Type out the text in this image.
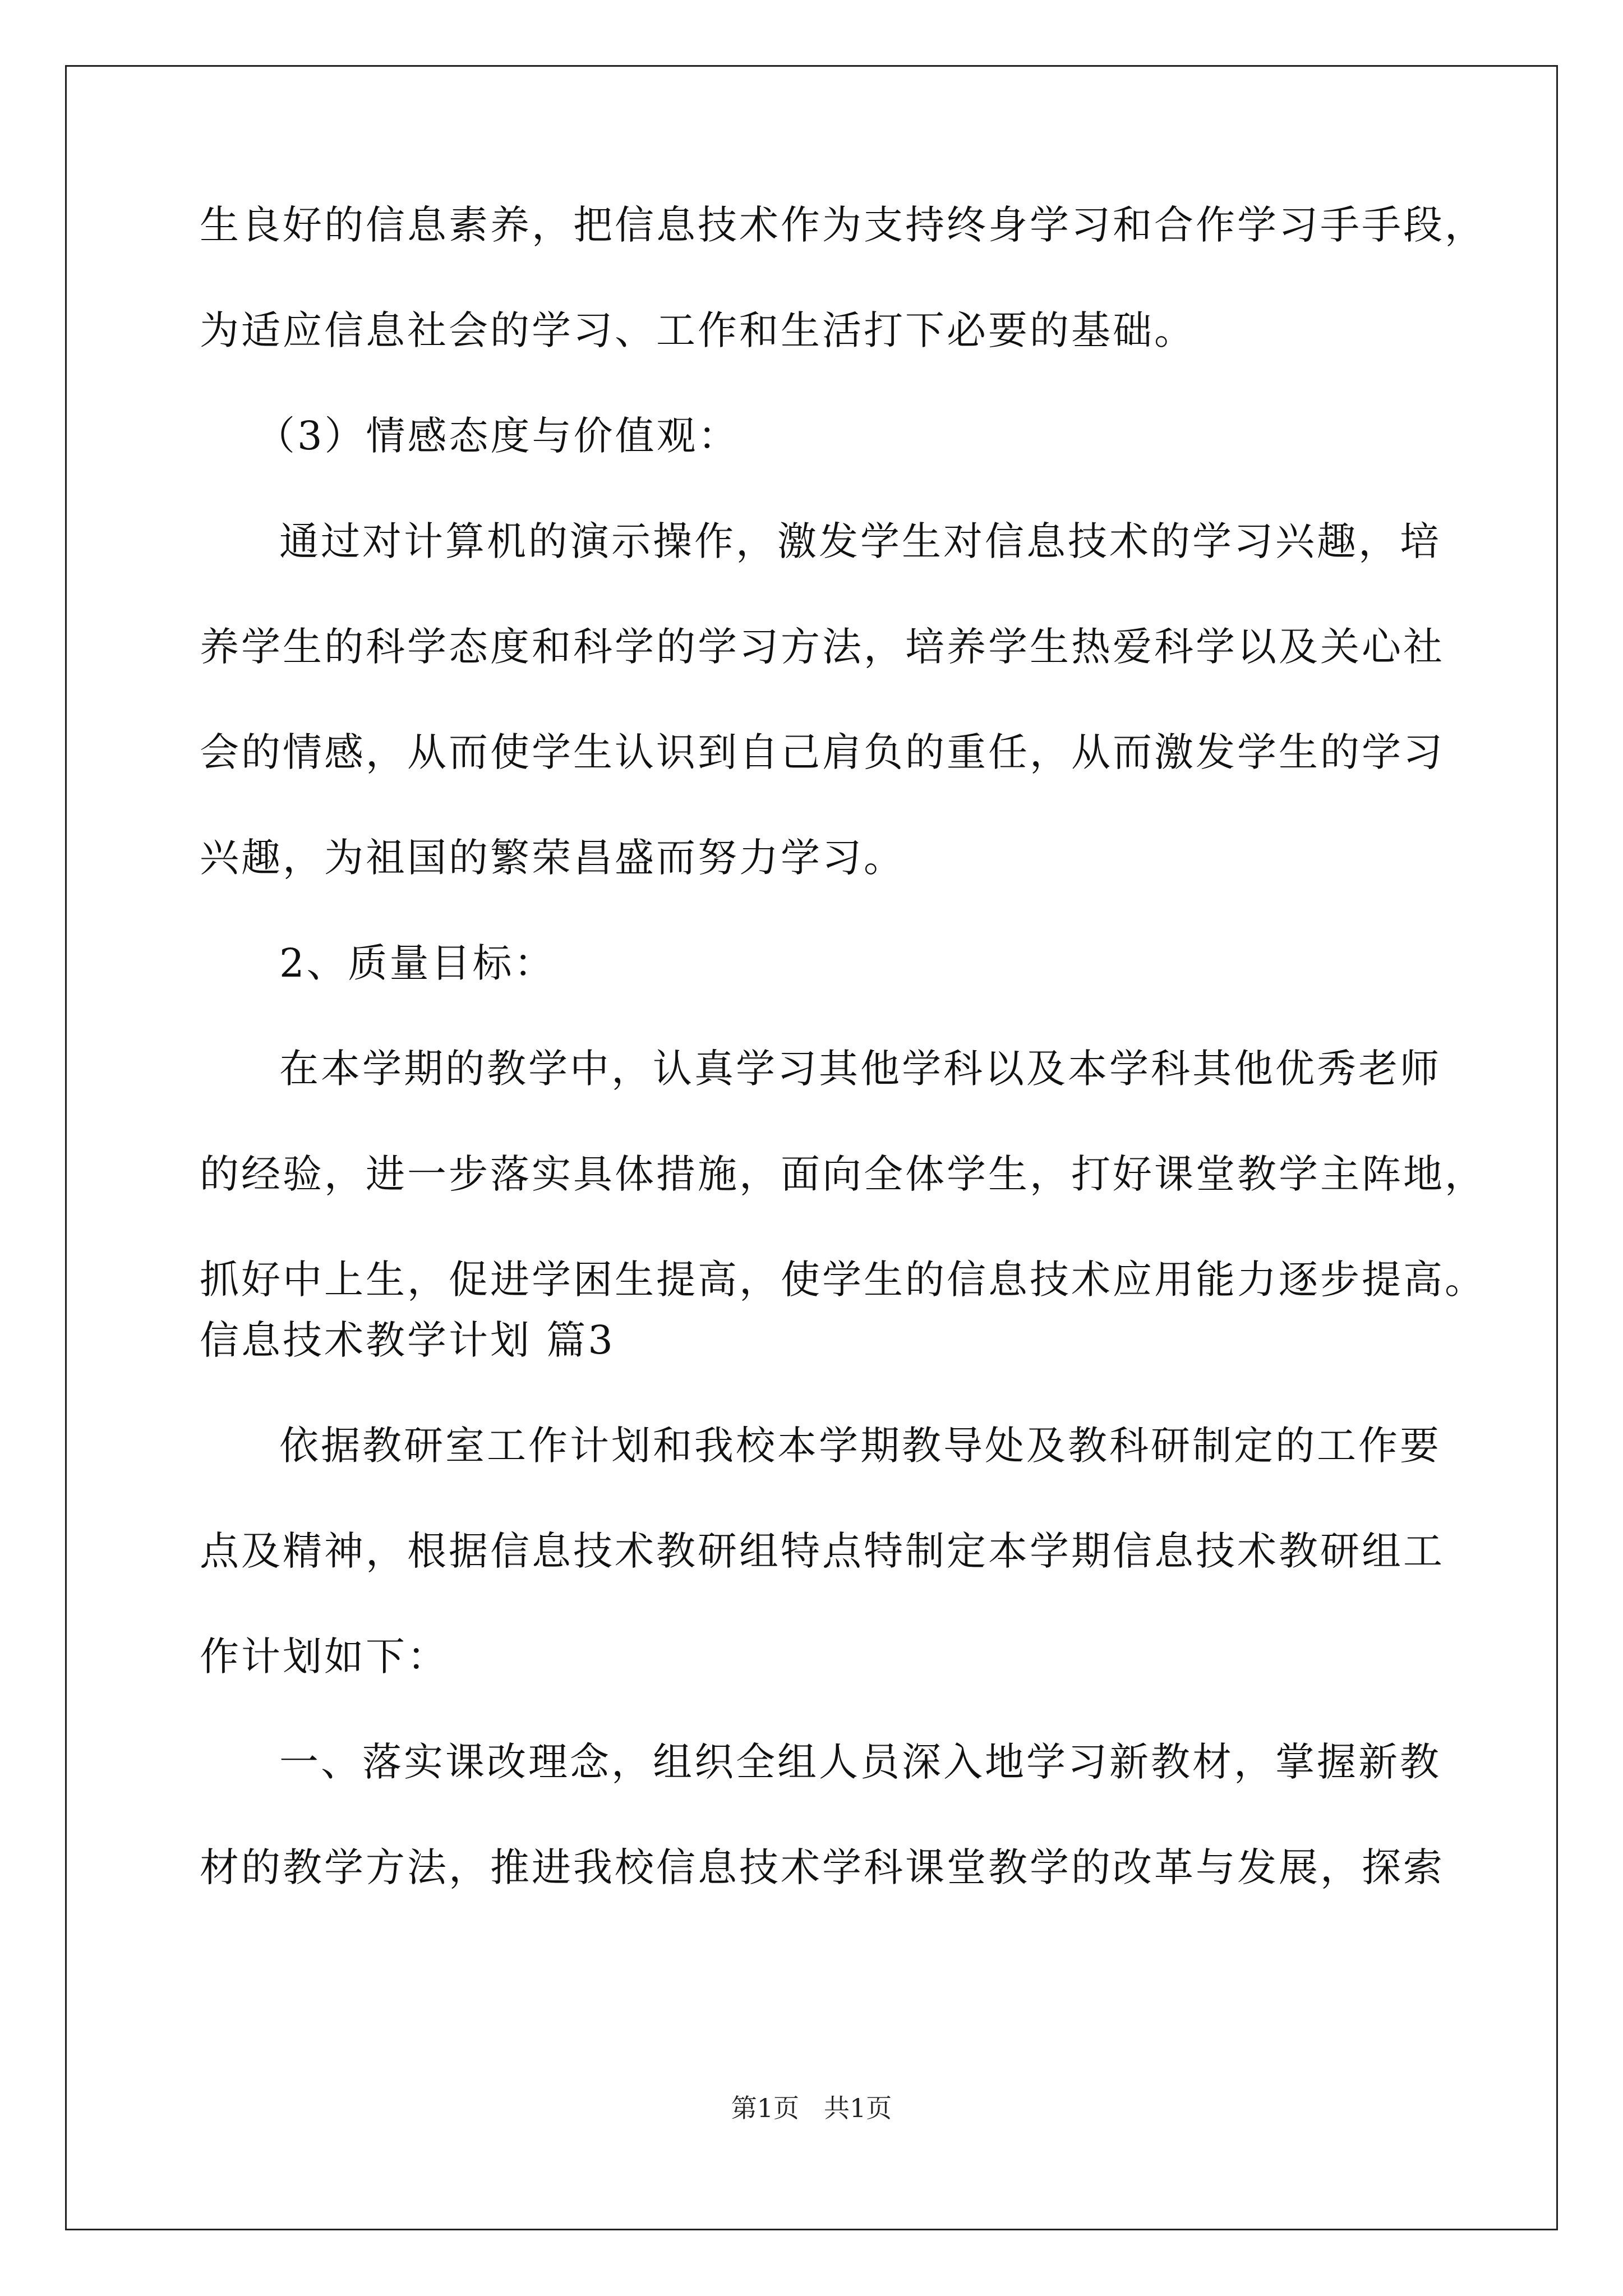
生良好的信息素养，把信息技术作为支持终身学习和合作学习手手段，

为适应信息社会的学习、工作和生活打下必要的基础。

（3）情感态度与价值观：

通过对计算机的演示操作，激发学生对信息技术的学习兴趣，培

养学生的科学态度和科学的学习方法，培养学生热爱科学以及关心社

会的情感，从而使学生认识到自己肩负的重任，从而激发学生的学习

兴趣，为祖国的繁荣昌盛而努力学习。

2、质量目标：

在本学期的教学中，认真学习其他学科以及本学科其他优秀老师

的经验，进一步落实具体措施，面向全体学生，打好课堂教学主阵地，

抓好中上生，促进学困生提高，使学生的信息技术应用能力逐步提高。

信息技术教学计划 篇3

依据教研室工作计划和我校本学期教导处及教科研制定的工作要

点及精神，根据信息技术教研组特点特制定本学期信息技术教研组工

作计划如下：

一、落实课改理念，组织全组人员深入地学习新教材，掌握新教

材的教学方法，推进我校信息技术学科课堂教学的改革与发展，探索

第1页 共1页
